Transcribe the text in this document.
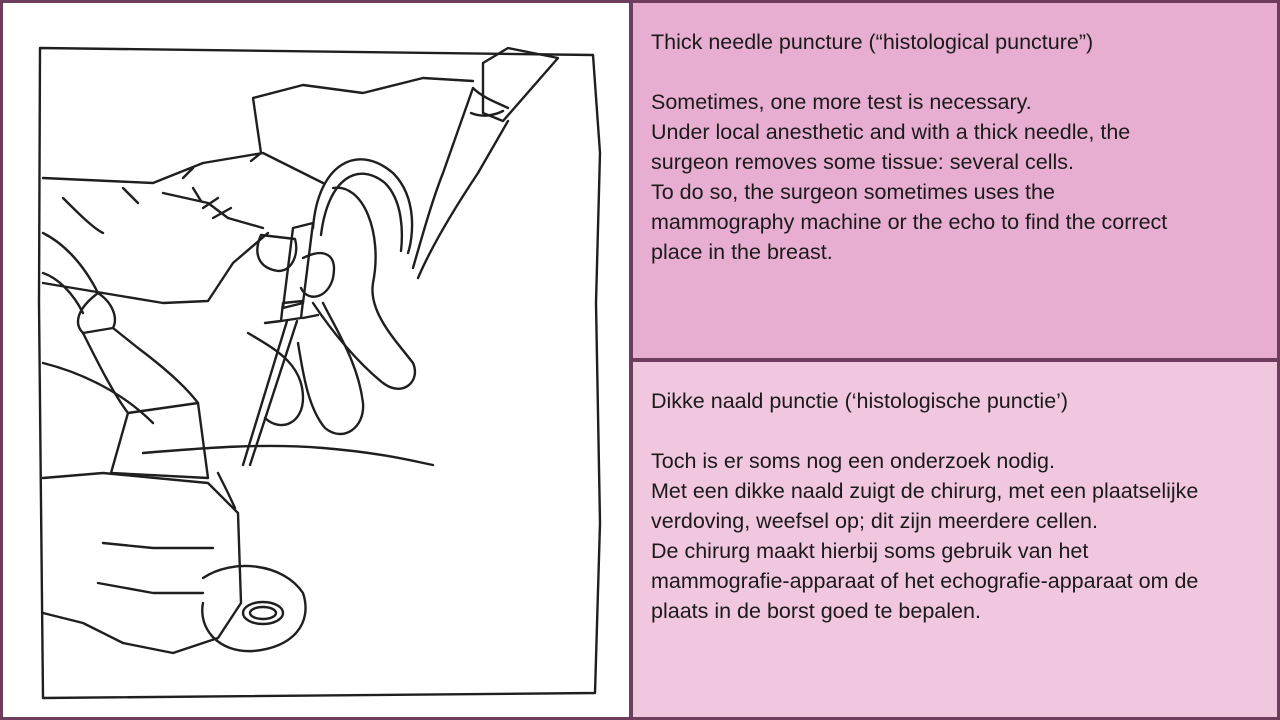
Thick needle puncture (“histological puncture”)

Sometimes, one more test is necessary.

Under local anesthetic and with a thick needle, the

surgeon removes some tissue: several cells.

To do so, the surgeon sometimes uses the

mammography machine or the echo to find the correct

place in the breast.

Dikke naald punctie (‘histologische punctie’)

Toch is er soms nog een onderzoek nodig.

Met een dikke naald zuigt de chirurg, met een plaatselijke

verdoving, weefsel op; dit zijn meerdere cellen.

De chirurg maakt hierbij soms gebruik van het

mammografie-apparaat of het echografie-apparaat om de

plaats in de borst goed te bepalen.
